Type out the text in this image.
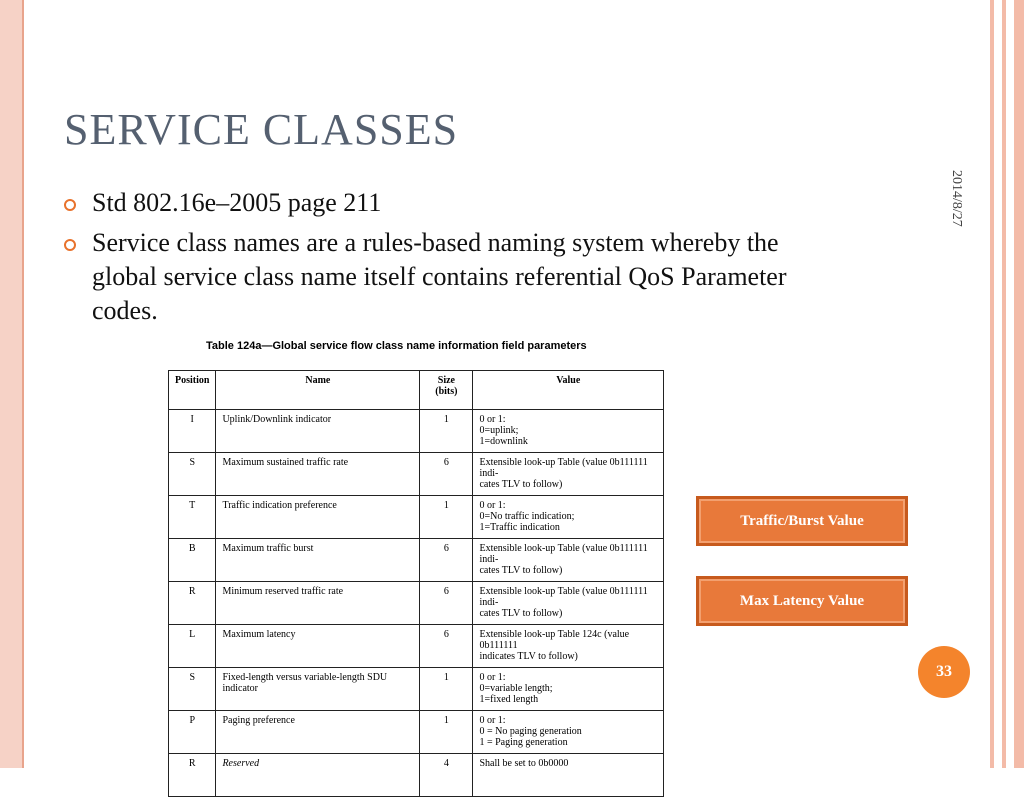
SERVICE CLASSES
2014/8/27
Std 802.16e–2005 page 211
Service class names are a rules-based naming system whereby the global service class name itself contains referential QoS Parameter codes.
Table 124a—Global service flow class name information field parameters
Position	Name	Size (bits)	Value
I	Uplink/Downlink indicator	1	0 or 1:
0=uplink;
1=downlink
S	Maximum sustained traffic rate	6	Extensible look-up Table (value 0b111111 indi-
cates TLV to follow)
T	Traffic indication preference	1	0 or 1:
0=No traffic indication;
1=Traffic indication
B	Maximum traffic burst	6	Extensible look-up Table (value 0b111111 indi-
cates TLV to follow)
R	Minimum reserved traffic rate	6	Extensible look-up Table (value 0b111111 indi-
cates TLV to follow)
L	Maximum latency	6	Extensible look-up Table 124c (value 0b111111
indicates TLV to follow)
S	Fixed-length versus variable-length SDU indicator	1	0 or 1:
0=variable length;
1=fixed length
P	Paging preference	1	0 or 1:
0 = No paging generation
1 = Paging generation
R	Reserved	4	Shall be set to 0b0000
Traffic/Burst Value
Max Latency Value
33
